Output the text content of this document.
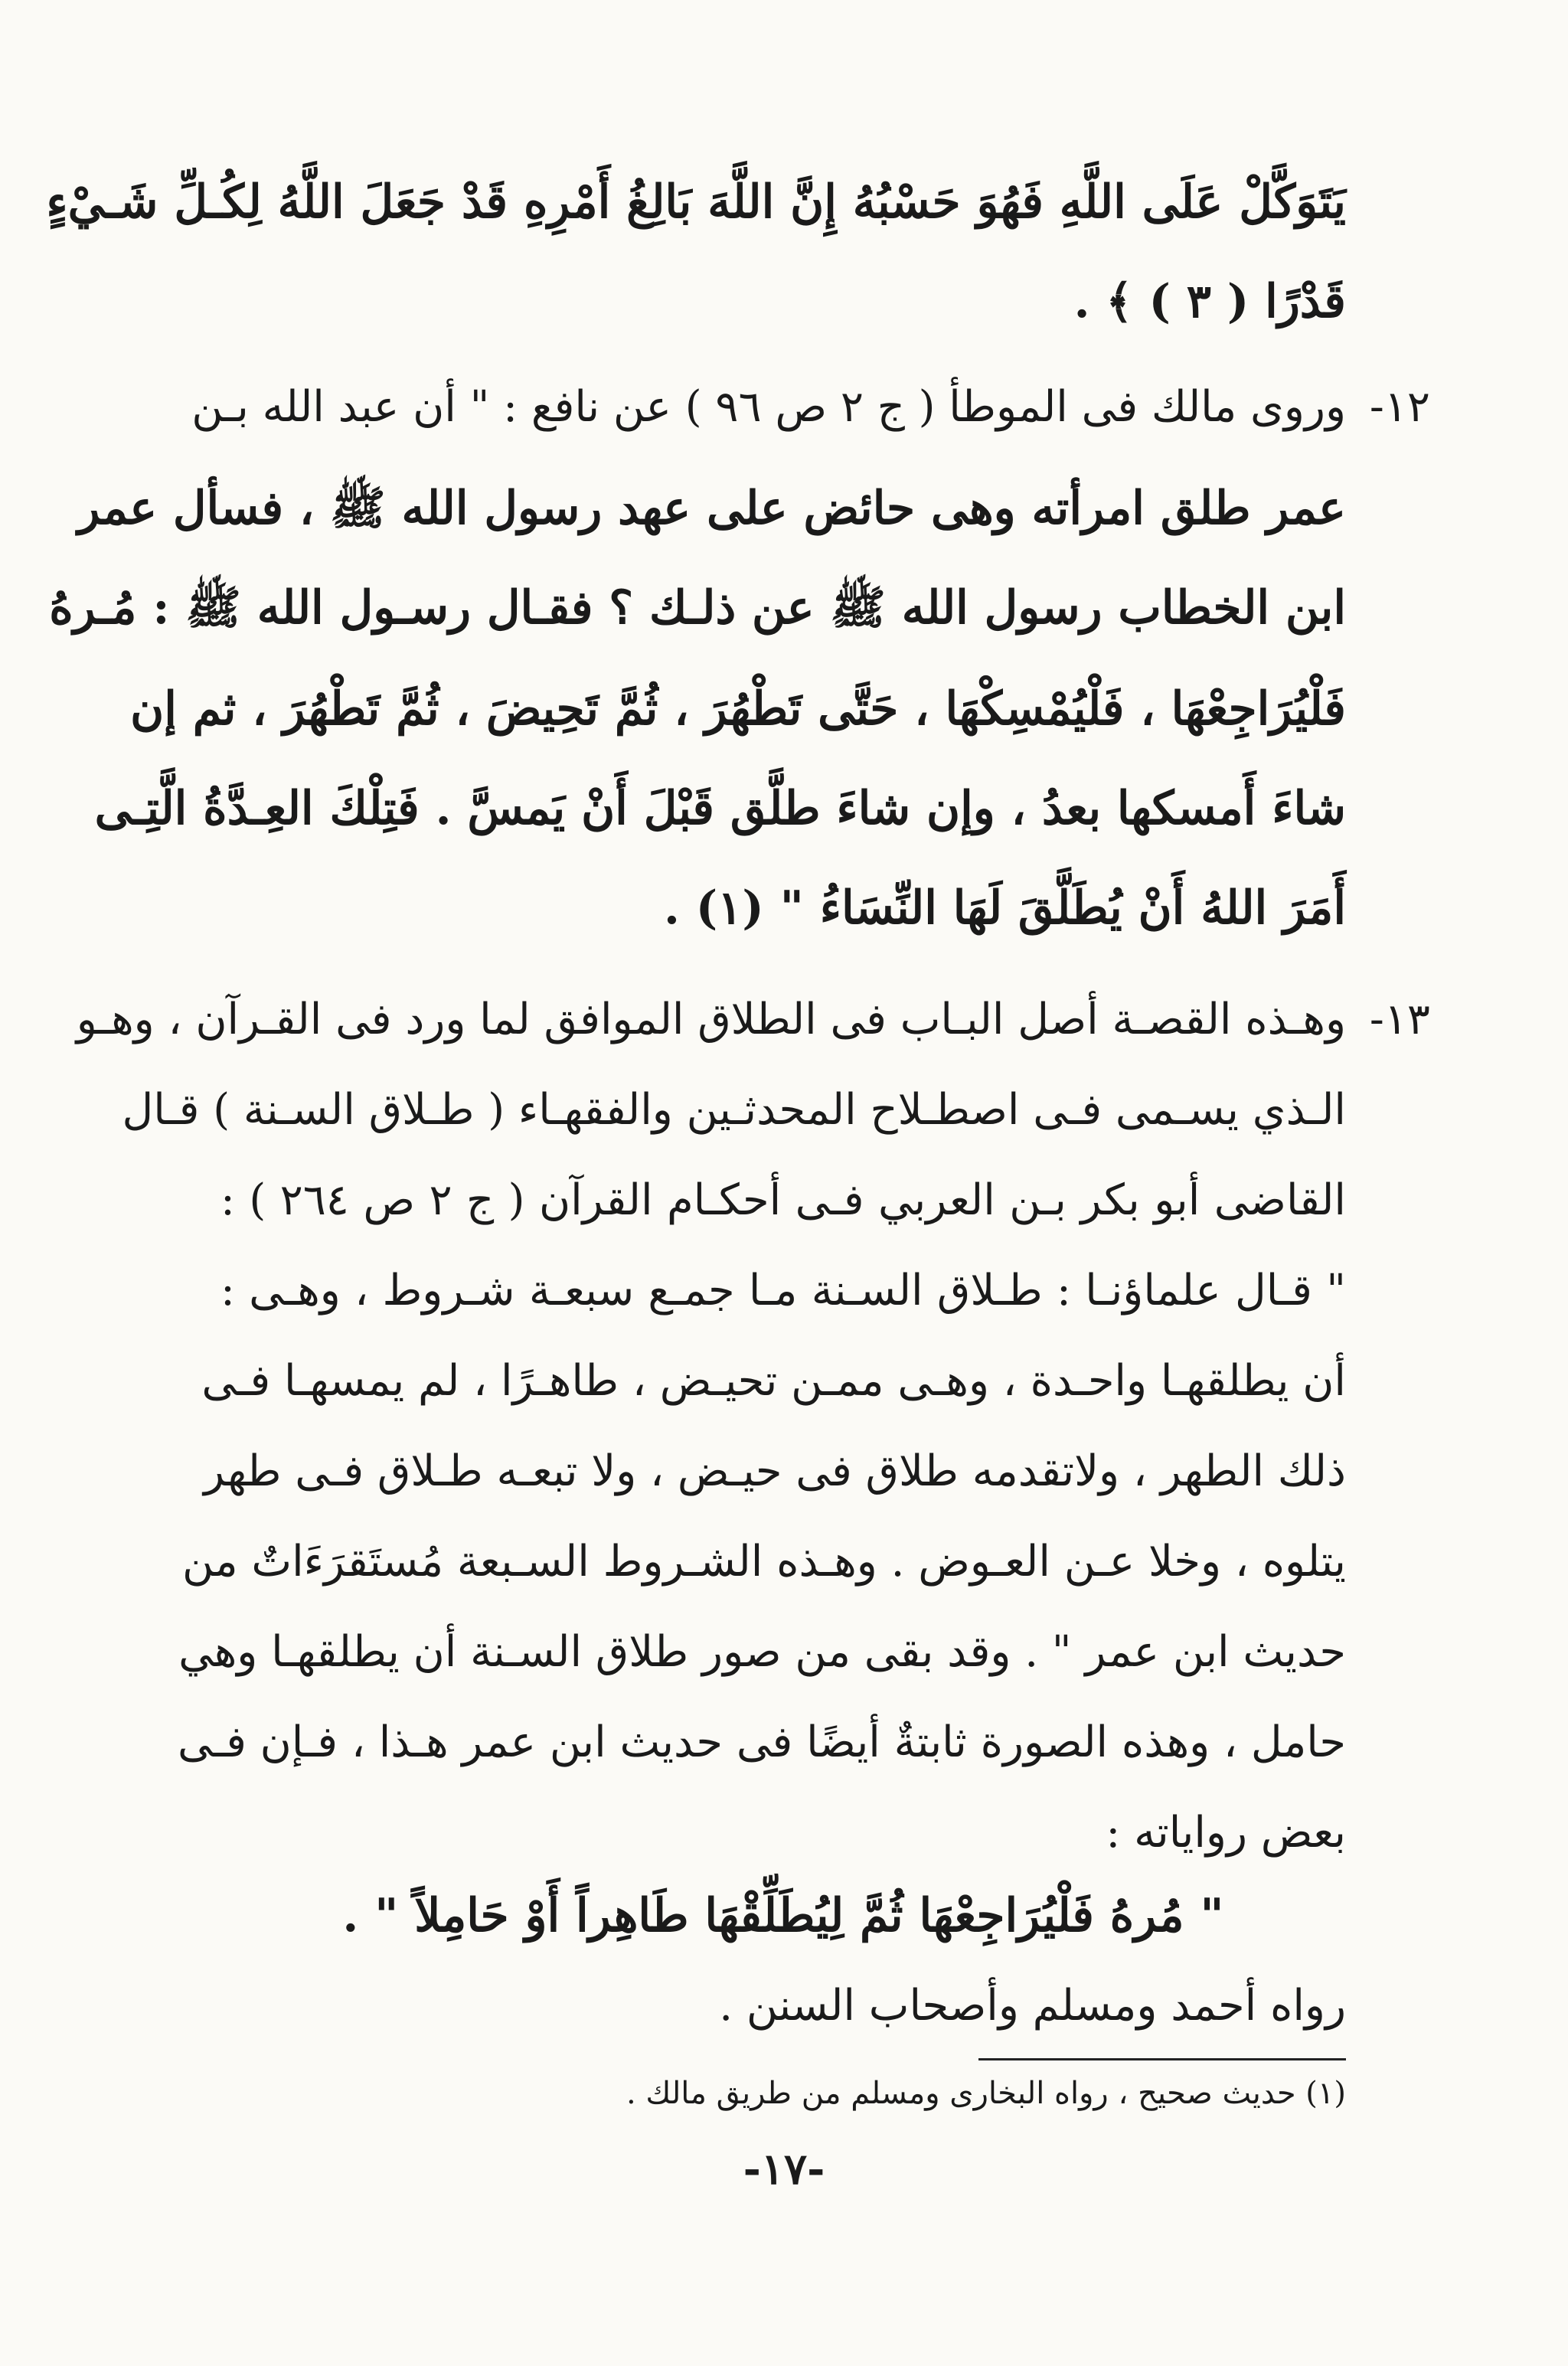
يَتَوَكَّلْ عَلَى اللَّهِ فَهُوَ حَسْبُهُ إِنَّ اللَّهَ بَالِغُ أَمْرِهِ قَدْ جَعَلَ اللَّهُ لِكُـلِّ شَـيْءٍ
قَدْرًا ( ٣ ) ﴾ .
١٢-
وروى مالك فى الموطأ ( ج ٢ ص ٩٦ ) عن نافع : " أن عبد الله بـن
عمر طلق امرأته وهى حائض على عهد رسول الله ﷺ ، فسأل عمر
ابن الخطاب رسول الله ﷺ عن ذلـك ؟ فقـال رسـول الله ﷺ : مُـرهُ
فَلْيُرَاجِعْهَا ، فَلْيُمْسِكْهَا ، حَتَّى تَطْهُرَ ، ثُمَّ تَحِيضَ ، ثُمَّ تَطْهُرَ ، ثم إن
شاءَ أَمسكها بعدُ ، وإن شاءَ طلَّق قَبْلَ أَنْ يَمسَّ . فَتِلْكَ العِـدَّةُ الَّتِـى
أَمَرَ اللهُ أَنْ يُطَلَّقَ لَهَا النِّسَاءُ " (١) .
١٣-
وهـذه القصـة أصل البـاب فى الطلاق الموافق لما ورد فى القـرآن ، وهـو
الـذي يسـمى فـى اصطـلاح المحدثـين والفقهـاء ( طـلاق السـنة ) قـال
القاضى أبو بكر بـن العربي فـى أحكـام القرآن ( ج ٢ ص ٢٦٤ ) :
" قـال علماؤنـا : طـلاق السـنة مـا جمـع سبعـة شـروط ، وهـى :
أن يطلقهـا واحـدة ، وهـى ممـن تحيـض ، طاهـرًا ، لم يمسهـا فـى
ذلك الطهر ، ولاتقدمه طلاق فى حيـض ، ولا تبعـه طـلاق فـى طهر
يتلوه ، وخلا عـن العـوض . وهـذه الشـروط السـبعة مُستَقرَءَاتٌ من
حديث ابن عمر " . وقد بقى من صور طلاق السـنة أن يطلقهـا وهي
حامل ، وهذه الصورة ثابتةٌ أيضًا فى حديث ابن عمر هـذا ، فـإن فـى
بعض رواياته :
" مُرهُ فَلْيُرَاجِعْهَا ثُمَّ لِيُطَلِّقْهَا طَاهِراً أَوْ حَامِلاً " .
رواه أحمد ومسلم وأصحاب السنن .
(١) حديث صحيح ، رواه البخارى ومسلم من طريق مالك .
-١٧-
